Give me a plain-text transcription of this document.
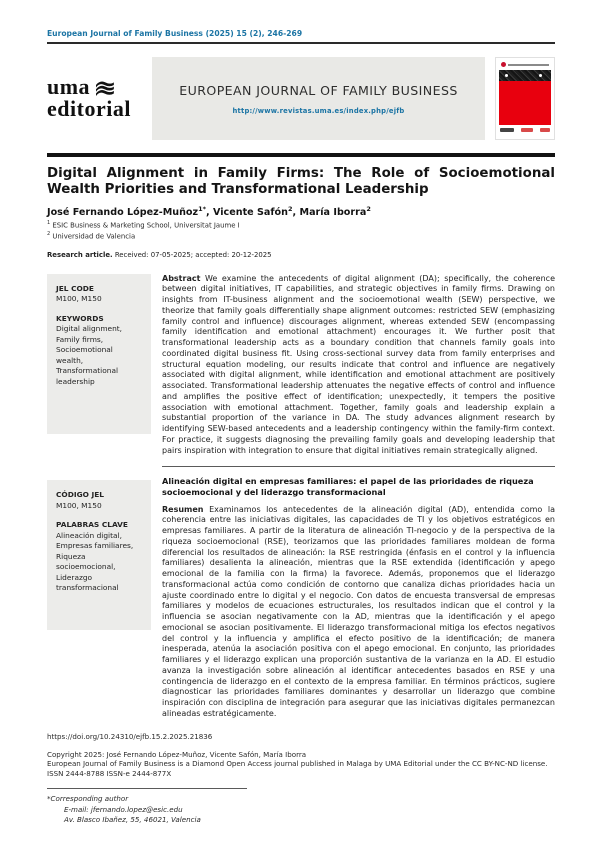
European Journal of Family Business (2025) 15 (2), 246-269
uma
editorial
EUROPEAN JOURNAL OF FAMILY BUSINESS
http://www.revistas.uma.es/index.php/ejfb
Digital Alignment in Family Firms: The Role of Socioemotional Wealth Priorities and Transformational Leadership
José Fernando López-Muñoz$^{1*}$, Vicente Safón$^2$, María Iborra$^2$
$^1$ ESIC Business & Marketing School, Universitat Jaume I
$^2$ Universidad de Valencia
Research article. Received: 07-05-2025; accepted: 20-12-2025
JEL CODE
M100, M150
KEYWORDS
Digital alignment, Family firms, Socioemotional wealth, Transformational leadership

Abstract We examine the antecedents of digital alignment (DA); specifically, the coherence between digital initiatives, IT capabilities, and strategic objectives in family firms. Drawing on insights from IT-business alignment and the socioemotional wealth (SEW) perspective, we theorize that family goals differentially shape alignment outcomes: restricted SEW (emphasizing family control and influence) discourages alignment, whereas extended SEW (encompassing family identification and emotional attachment) encourages it. We further posit that transformational leadership acts as a boundary condition that channels family goals into coordinated digital business fit. Using cross-sectional survey data from family enterprises and structural equation modeling, our results indicate that control and influence are negatively associated with digital alignment, while identification and emotional attachment are positively associated. Transformational leadership attenuates the negative effects of control and influence and amplifies the positive effect of identification; unexpectedly, it tempers the positive association with emotional attachment. Together, family goals and leadership explain a substantial proportion of the variance in DA. The study advances alignment research by identifying SEW-based antecedents and a leadership contingency within the family-firm context. For practice, it suggests diagnosing the prevailing family goals and developing leadership that pairs inspiration with integration to ensure that digital initiatives remain strategically aligned.

CÓDIGO JEL
M100, M150
PALABRAS CLAVE
Alineación digital, Empresas familiares, Riqueza socioemocional, Liderazgo transformacional
Alineación digital en empresas familiares: el papel de las prioridades de riqueza socioemocional y del liderazgo transformacional

Resumen Examinamos los antecedentes de la alineación digital (AD), entendida como la coherencia entre las iniciativas digitales, las capacidades de TI y los objetivos estratégicos en empresas familiares. A partir de la literatura de alineación TI-negocio y de la perspectiva de la riqueza socioemocional (RSE), teorizamos que las prioridades familiares moldean de forma diferencial los resultados de alineación: la RSE restringida (énfasis en el control y la influencia familiares) desalienta la alineación, mientras que la RSE extendida (identificación y apego emocional de la familia con la firma) la favorece. Además, proponemos que el liderazgo transformacional actúa como condición de contorno que canaliza dichas prioridades hacia un ajuste coordinado entre lo digital y el negocio. Con datos de encuesta transversal de empresas familiares y modelos de ecuaciones estructurales, los resultados indican que el control y la influencia se asocian negativamente con la AD, mientras que la identificación y el apego emocional se asocian positivamente. El liderazgo transformacional mitiga los efectos negativos del control y la influencia y amplifica el efecto positivo de la identificación; de manera inesperada, atenúa la asociación positiva con el apego emocional. En conjunto, las prioridades familiares y el liderazgo explican una proporción sustantiva de la varianza en la AD. El estudio avanza la investigación sobre alineación al identificar antecedentes basados en RSE y una contingencia de liderazgo en el contexto de la empresa familiar. En términos prácticos, sugiere diagnosticar las prioridades familiares dominantes y desarrollar un liderazgo que combine inspiración con disciplina de integración para asegurar que las iniciativas digitales permanezcan alineadas estratégicamente.

https://doi.org/10.24310/ejfb.15.2.2025.21836
Copyright 2025: José Fernando López-Muñoz, Vicente Safón, María Iborra
European Journal of Family Business is a Diamond Open Access journal published in Malaga by UMA Editorial under the CC BY-NC-ND license. ISSN 2444-8788 ISSN-e 2444-877X
*Corresponding author
E-mail: jfernando.lopez@esic.edu
Av. Blasco Ibañez, 55, 46021, Valencia
